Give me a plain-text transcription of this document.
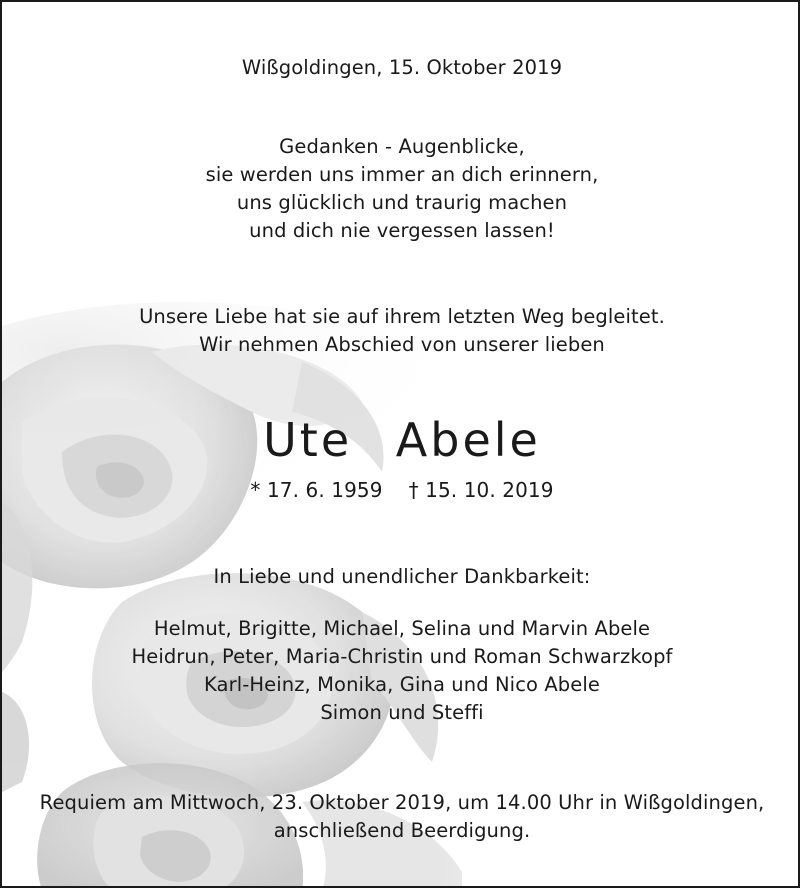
Wißgoldingen, 15. Oktober 2019
Gedanken - Augenblicke,
sie werden uns immer an dich erinnern,
uns glücklich und traurig machen
und dich nie vergessen lassen!
Unsere Liebe hat sie auf ihrem letzten Weg begleitet.
Wir nehmen Abschied von unserer lieben
Ute Abele
* 17. 6. 1959 † 15. 10. 2019
In Liebe und unendlicher Dankbarkeit:
Helmut, Brigitte, Michael, Selina und Marvin Abele
Heidrun, Peter, Maria-Christin und Roman Schwarzkopf
Karl-Heinz, Monika, Gina und Nico Abele
Simon und Steffi
Requiem am Mittwoch, 23. Oktober 2019, um 14.00 Uhr in Wißgoldingen,
anschließend Beerdigung.
